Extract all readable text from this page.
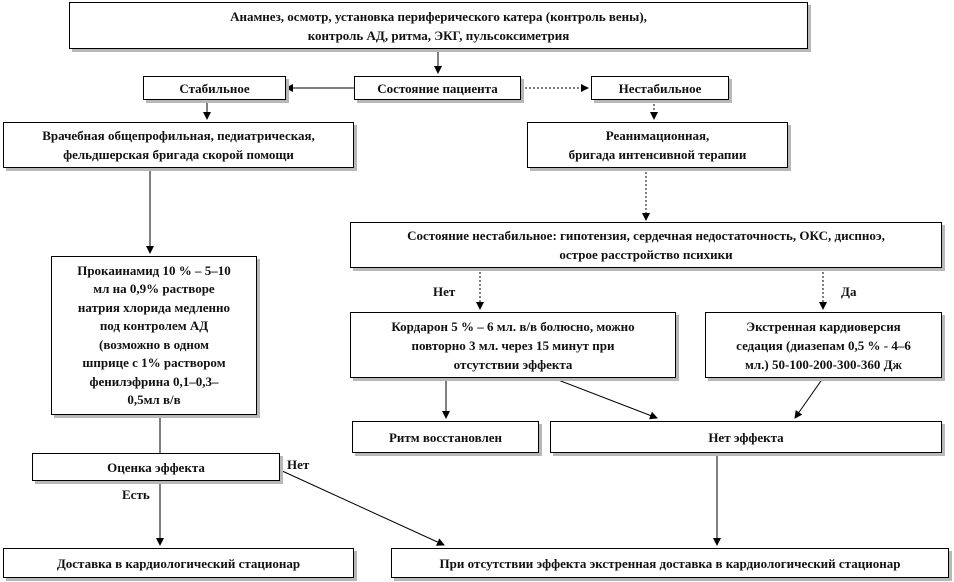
Анамнез, осмотр, установка периферического катера (контроль вены),
контроль АД, ритма, ЭКГ, пульсоксиметрия
Состояние пациента
Стабильное	Нестабильное
Врачебная общепрофильная, педиатрическая,
фельдшерская бригада скорой помощи
Реанимационная,
бригада интенсивной терапии
Состояние нестабильное: гипотензия, сердечная недостаточность, ОКС, диспноэ,
острое расстройство психики
Прокаинамид 10 % – 5–10
мл на 0,9% растворе
натрия хлорида медленно
под контролем АД
(возможно в одном
шприце с 1% раствором
фенилэфрина 0,1–0,3–
0,5мл в/в
Кордарон 5 % – 6 мл. в/в болюсно, можно
повторно 3 мл. через 15 минут при
отсутствии эффекта
Экстренная кардиоверсия
седация (диазепам 0,5 % - 4–6
мл.) 50-100-200-300-360 Дж
Ритм восстановлен	Нет эффекта
Оценка эффекта
Доставка в кардиологический стационар	При отсутствии эффекта экстренная доставка в кардиологический стационар
Нет	Да
Нет
Есть
